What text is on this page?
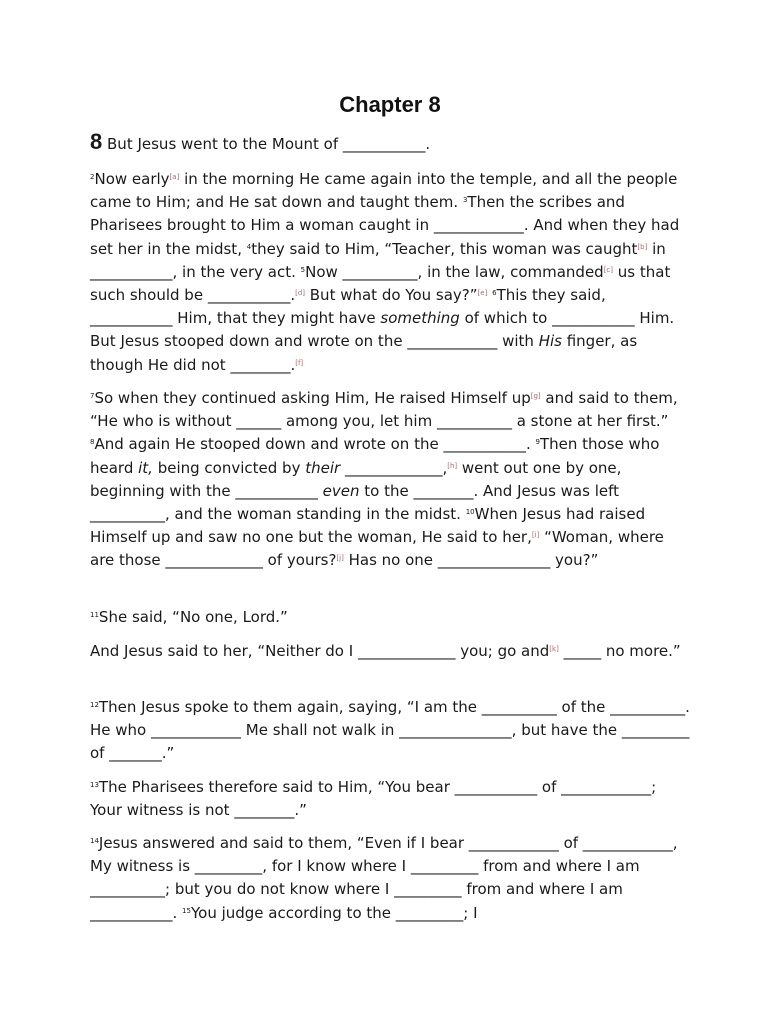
Chapter 8

8 But Jesus went to the Mount of ___________.

$^2$Now early[a] in the morning He came again into the temple, and all the people came to Him; and He sat down and taught them. $^3$Then the scribes and Pharisees brought to Him a woman caught in ____________. And when they had set her in the midst, $^4$they said to Him, “Teacher, this woman was caught[b] in ___________, in the very act. $^5$Now __________, in the law, commanded[c] us that such should be ___________.[d] But what do You say?”[e] $^6$This they said, ___________ Him, that they might have something of which to ___________ Him. But Jesus stooped down and wrote on the ____________ with His finger, as though He did not ________.[f]

$^7$So when they continued asking Him, He raised Himself up[g] and said to them, “He who is without ______ among you, let him __________ a stone at her first.” $^8$And again He stooped down and wrote on the ___________. $^9$Then those who heard it, being convicted by their _____________,[h] went out one by one, beginning with the ___________ even to the ________. And Jesus was left __________, and the woman standing in the midst. $^{10}$When Jesus had raised Himself up and saw no one but the woman, He said to her,[i] “Woman, where are those _____________ of yours?[j] Has no one _______________ you?”

$^{11}$She said, “No one, Lord.”

And Jesus said to her, “Neither do I _____________ you; go and[k] _____ no more.”

$^{12}$Then Jesus spoke to them again, saying, “I am the __________ of the __________. He who ____________ Me shall not walk in _______________, but have the _________ of _______.”

$^{13}$The Pharisees therefore said to Him, “You bear ___________ of ____________; Your witness is not ________.”

$^{14}$Jesus answered and said to them, “Even if I bear ____________ of ____________, My witness is _________, for I know where I _________ from and where I am __________; but you do not know where I _________ from and where I am ___________. $^{15}$You judge according to the _________; I
